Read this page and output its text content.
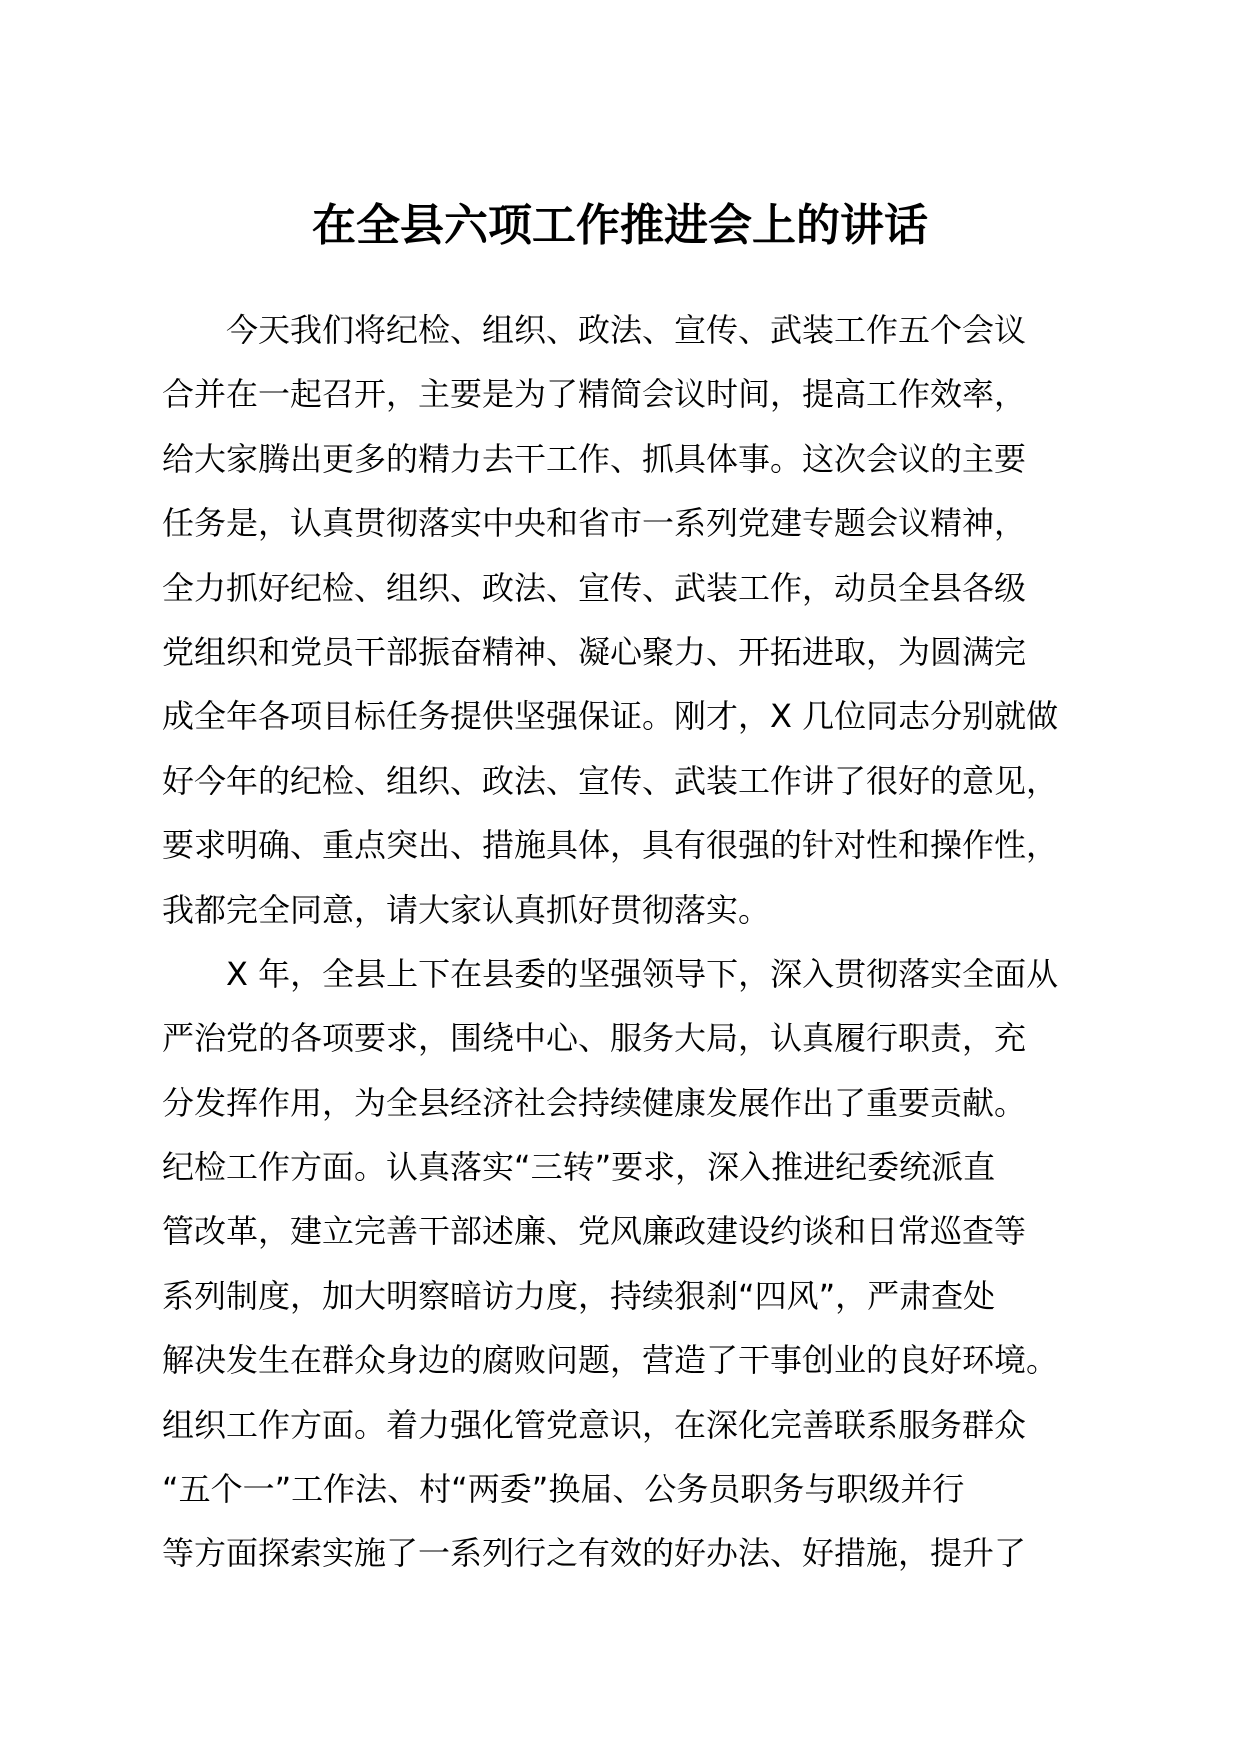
在全县六项工作推进会上的讲话
今天我们将纪检、组织、政法、宣传、武装工作五个会议
合并在一起召开，主要是为了精简会议时间，提高工作效率，
给大家腾出更多的精力去干工作、抓具体事。这次会议的主要
任务是，认真贯彻落实中央和省市一系列党建专题会议精神，
全力抓好纪检、组织、政法、宣传、武装工作，动员全县各级
党组织和党员干部振奋精神、凝心聚力、开拓进取，为圆满完
成全年各项目标任务提供坚强保证。刚才，X 几位同志分别就做
好今年的纪检、组织、政法、宣传、武装工作讲了很好的意见，
要求明确、重点突出、措施具体，具有很强的针对性和操作性，
我都完全同意，请大家认真抓好贯彻落实。
X 年，全县上下在县委的坚强领导下，深入贯彻落实全面从
严治党的各项要求，围绕中心、服务大局，认真履行职责，充
分发挥作用，为全县经济社会持续健康发展作出了重要贡献。
纪检工作方面。认真落实“三转”要求，深入推进纪委统派直
管改革，建立完善干部述廉、党风廉政建设约谈和日常巡查等
系列制度，加大明察暗访力度，持续狠刹“四风”，严肃查处
解决发生在群众身边的腐败问题，营造了干事创业的良好环境。
组织工作方面。着力强化管党意识，在深化完善联系服务群众
“五个一”工作法、村“两委”换届、公务员职务与职级并行
等方面探索实施了一系列行之有效的好办法、好措施，提升了
